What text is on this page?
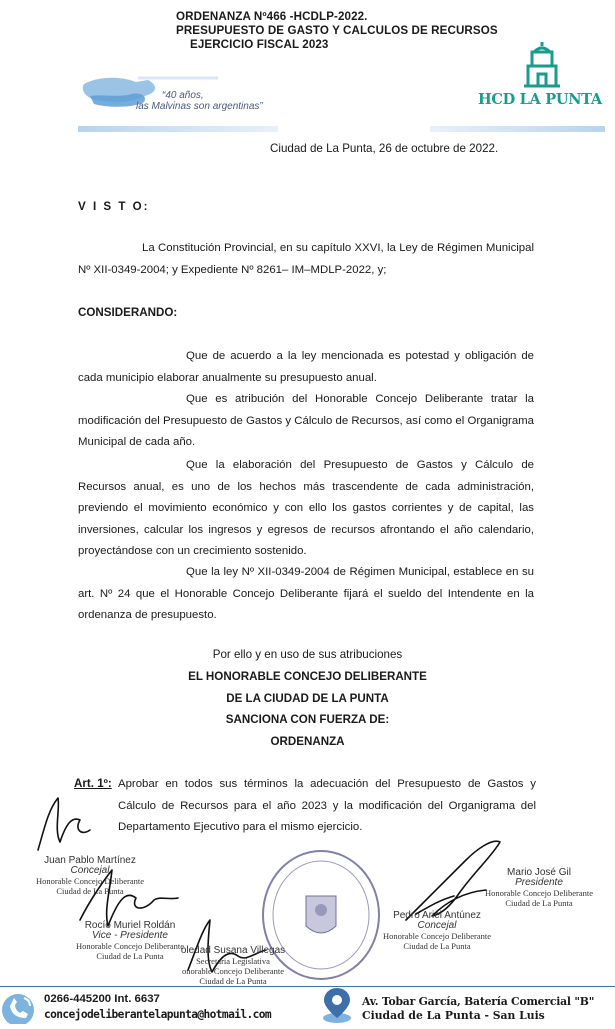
ORDENANZA Nº466 -HCDLP-2022.
PRESUPUESTO DE GASTO Y CALCULOS DE RECURSOS
EJERCICIO FISCAL 2023
“40 años,
las Malvinas son argentinas”	HCD LA PUNTA
Ciudad de La Punta, 26 de octubre de 2022.
V I S T O:
La Constitución Provincial, en su capítulo XXVI, la Ley de Régimen Municipal Nº XII-0349-2004; y Expediente Nº 8261– IM–MDLP-2022, y;
CONSIDERANDO:
Que de acuerdo a la ley mencionada es potestad y obligación de cada municipio elaborar anualmente su presupuesto anual.
Que es atribución del Honorable Concejo Deliberante tratar la modificación del Presupuesto de Gastos y Cálculo de Recursos, así como el Organigrama Municipal de cada año.
Que la elaboración del Presupuesto de Gastos y Cálculo de Recursos anual, es uno de los hechos más trascendente de cada administración, previendo el movimiento económico y con ello los gastos corrientes y de capital, las inversiones, calcular los ingresos y egresos de recursos afrontando el año calendario, proyectándose con un crecimiento sostenido.
Que la ley Nº XII-0349-2004 de Régimen Municipal, establece en su art. Nº 24 que el Honorable Concejo Deliberante fijará el sueldo del Intendente en la ordenanza de presupuesto.
Por ello y en uso de sus atribuciones
EL HONORABLE CONCEJO DELIBERANTE
DE LA CIUDAD DE LA PUNTA
SANCIONA CON FUERZA DE:
ORDENANZA
Art. 1º: Aprobar en todos sus términos la adecuación del Presupuesto de Gastos y Cálculo de Recursos para el año 2023 y la modificación del Organigrama del Departamento Ejecutivo para el mismo ejercicio.
Juan Pablo Martínez
Concejal
Honorable Concejo Deliberante
Ciudad de La Punta
Rocío Muriel Roldán
Vice - Presidente
Honorable Concejo Deliberante
Ciudad de La Punta	oledad Susana Villegas
Secretaria Legislativa
onorable Concejo Deliberante
Ciudad de La Punta
Mario José Gil
Presidente
Honorable Concejo Deliberante
Ciudad de La Punta
Pedro Ariel Antúnez
Concejal
Honorable Concejo Deliberante
Ciudad de La Punta
0266-445200 Int. 6637
concejodeliberantelapunta@hotmail.com
Av. Tobar García, Batería Comercial "B"
Ciudad de La Punta - San Luis
